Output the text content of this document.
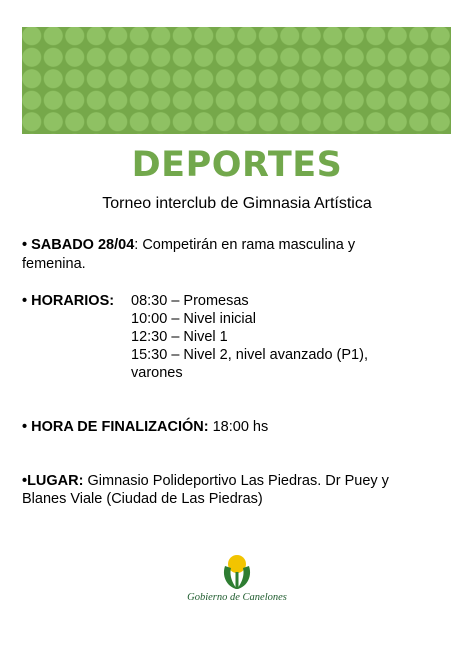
DEPORTES
Torneo interclub de Gimnasia Artística
• SABADO 28/04: Competirán en rama masculina y
femenina.
• HORARIOS: 08:30 – Promesas
10:00 – Nivel inicial
12:30 – Nivel 1
15:30 – Nivel 2, nivel avanzado (P1),
varones
• HORA DE FINALIZACIÓN: 18:00 hs
•LUGAR: Gimnasio Polideportivo Las Piedras. Dr Puey y
Blanes Viale (Ciudad de Las Piedras)
Gobierno de Canelones
